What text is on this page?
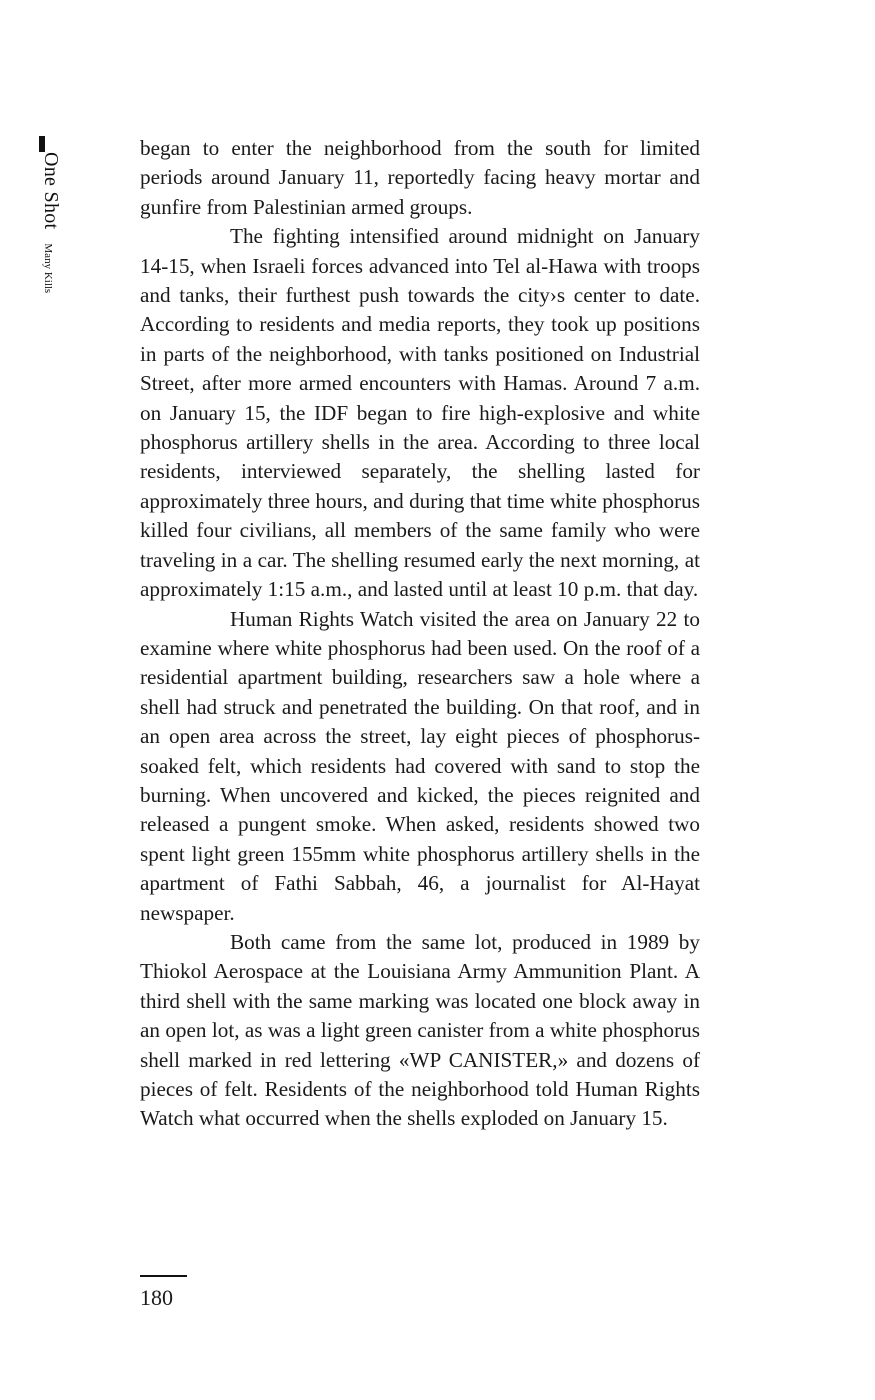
One ShotMany Kills

began to enter the neighborhood from the south for limited periods around January 11, reportedly facing heavy mortar and gunfire from Palestinian armed groups.

The fighting intensified around midnight on January 14-15, when Israeli forces advanced into Tel al-Hawa with troops and tanks, their furthest push towards the city›s center to date. According to residents and media reports, they took up positions in parts of the neighborhood, with tanks positioned on Industrial Street, after more armed encounters with Hamas. Around 7 a.m. on January 15, the IDF began to fire high-explosive and white phosphorus artillery shells in the area. According to three local residents, interviewed separately, the shelling lasted for approximately three hours, and during that time white phosphorus killed four civilians, all members of the same family who were traveling in a car. The shelling resumed early the next morning, at approximately 1:15 a.m., and lasted until at least 10 p.m. that day.

Human Rights Watch visited the area on January 22 to examine where white phosphorus had been used. On the roof of a residential apartment building, researchers saw a hole where a shell had struck and penetrated the building. On that roof, and in an open area across the street, lay eight pieces of phosphorus-soaked felt, which residents had covered with sand to stop the burning. When uncovered and kicked, the pieces reignited and released a pungent smoke. When asked, residents showed two spent light green 155mm white phosphorus artillery shells in the apartment of Fathi Sabbah, 46, a journalist for Al-Hayat newspaper.

Both came from the same lot, produced in 1989 by Thiokol Aerospace at the Louisiana Army Ammunition Plant. A third shell with the same marking was located one block away in an open lot, as was a light green canister from a white phosphorus shell marked in red lettering «WP CANISTER,» and dozens of pieces of felt. Residents of the neighborhood told Human Rights Watch what occurred when the shells exploded on January 15.

180
